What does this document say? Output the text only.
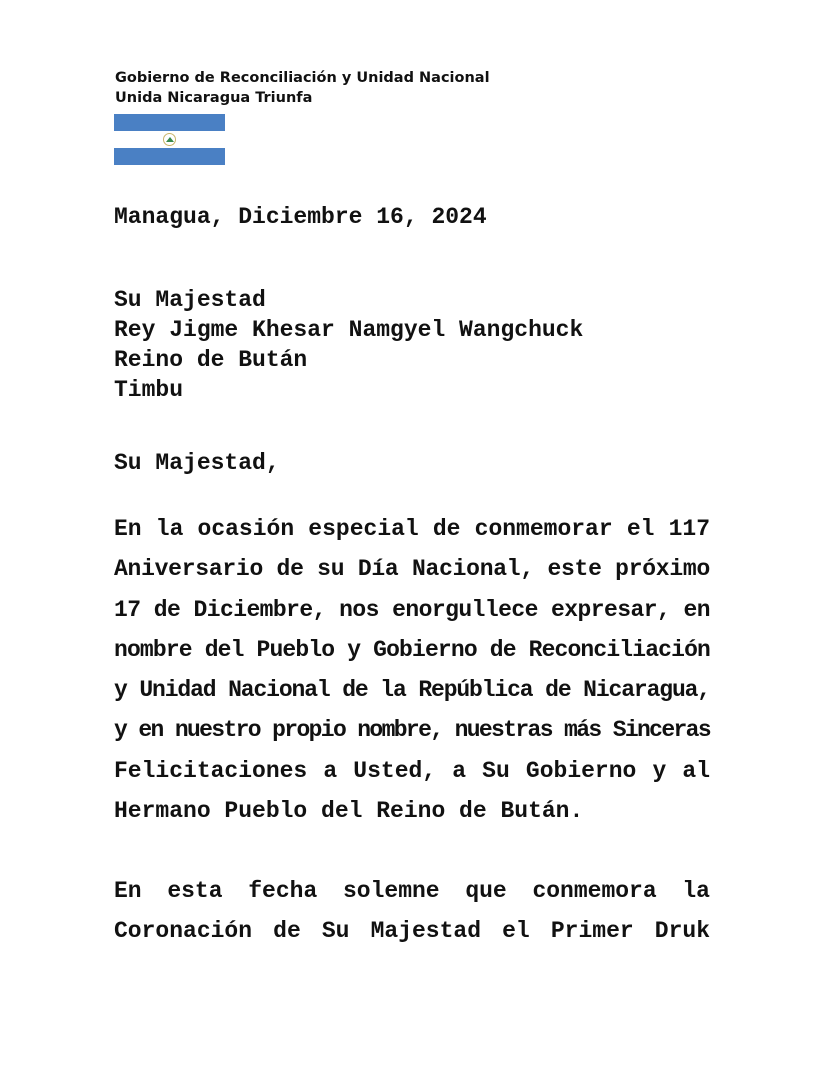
Gobierno de Reconciliación y Unidad Nacional
Unida Nicaragua Triunfa
Managua, Diciembre 16, 2024
Su Majestad
Rey Jigme Khesar Namgyel Wangchuck
Reino de Bután
Timbu
Su Majestad,
En la ocasión especial de conmemorar el 117
Aniversario de su Día Nacional, este próximo
17 de Diciembre, nos enorgullece expresar, en
nombre del Pueblo y Gobierno de Reconciliación
y Unidad Nacional de la República de Nicaragua,
y en nuestro propio nombre, nuestras más Sinceras
Felicitaciones a Usted, a Su Gobierno y al
Hermano Pueblo del Reino de Bután.
En esta fecha solemne que conmemora la
Coronación de Su Majestad el Primer Druk
